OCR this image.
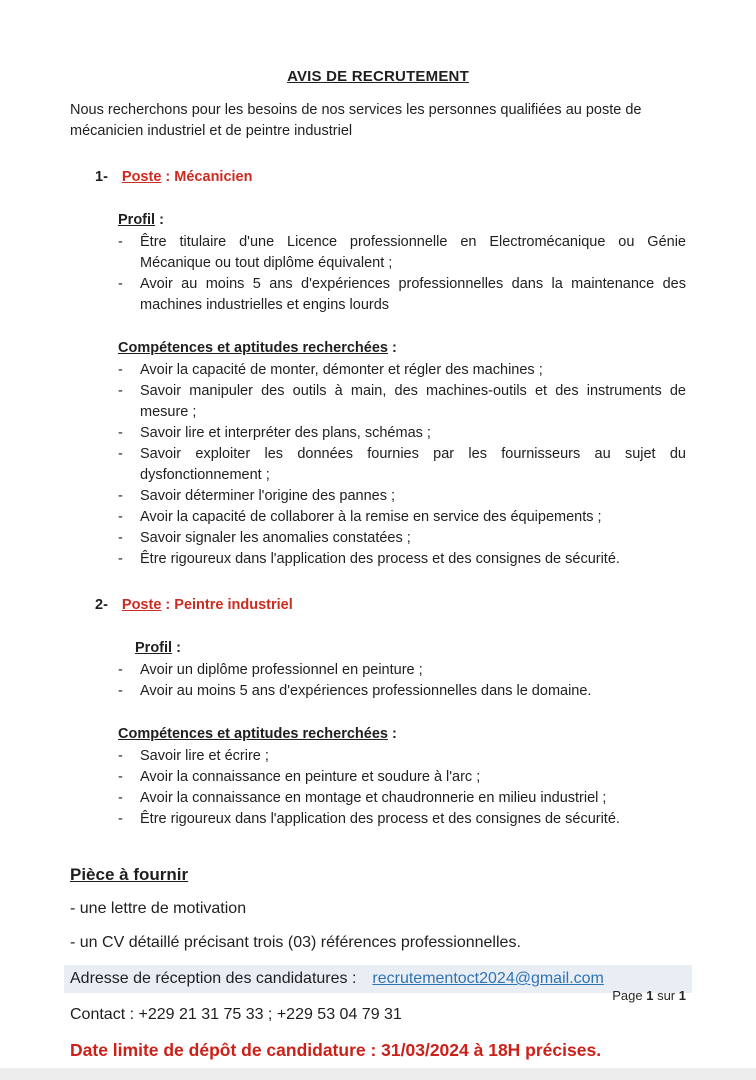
AVIS DE RECRUTEMENT
Nous recherchons pour les besoins de nos services les personnes qualifiées au poste de mécanicien industriel et de peintre industriel
1- Poste : Mécanicien
Profil :
-	Être titulaire d'une Licence professionnelle en Electromécanique ou Génie Mécanique ou tout diplôme équivalent ;
-	Avoir au moins 5 ans d'expériences professionnelles dans la maintenance des machines industrielles et engins lourds
Compétences et aptitudes recherchées :
-	Avoir la capacité de monter, démonter et régler des machines ;
-	Savoir manipuler des outils à main, des machines-outils et des instruments de mesure ;
-	Savoir lire et interpréter des plans, schémas ;
-	Savoir exploiter les données fournies par les fournisseurs au sujet du dysfonctionnement ;
-	Savoir déterminer l'origine des pannes ;
-	Avoir la capacité de collaborer à la remise en service des équipements ;
-	Savoir signaler les anomalies constatées ;
-	Être rigoureux dans l'application des process et des consignes de sécurité.
2- Poste : Peintre industriel
Profil :
-	Avoir un diplôme professionnel en peinture ;
-	Avoir au moins 5 ans d'expériences professionnelles dans le domaine.
Compétences et aptitudes recherchées :
-	Savoir lire et écrire ;
-	Avoir la connaissance en peinture et soudure à l'arc ;
-	Avoir la connaissance en montage et chaudronnerie en milieu industriel ;
-	Être rigoureux dans l'application des process et des consignes de sécurité.
Pièce à fournir
- une lettre de motivation
- un CV détaillé précisant trois (03) références professionnelles.
Adresse de réception des candidatures : recrutementoct2024@gmail.com
Contact : +229 21 31 75 33 ; +229 53 04 79 31
Date limite de dépôt de candidature : 31/03/2024 à 18H précises.
Page 1 sur 1
